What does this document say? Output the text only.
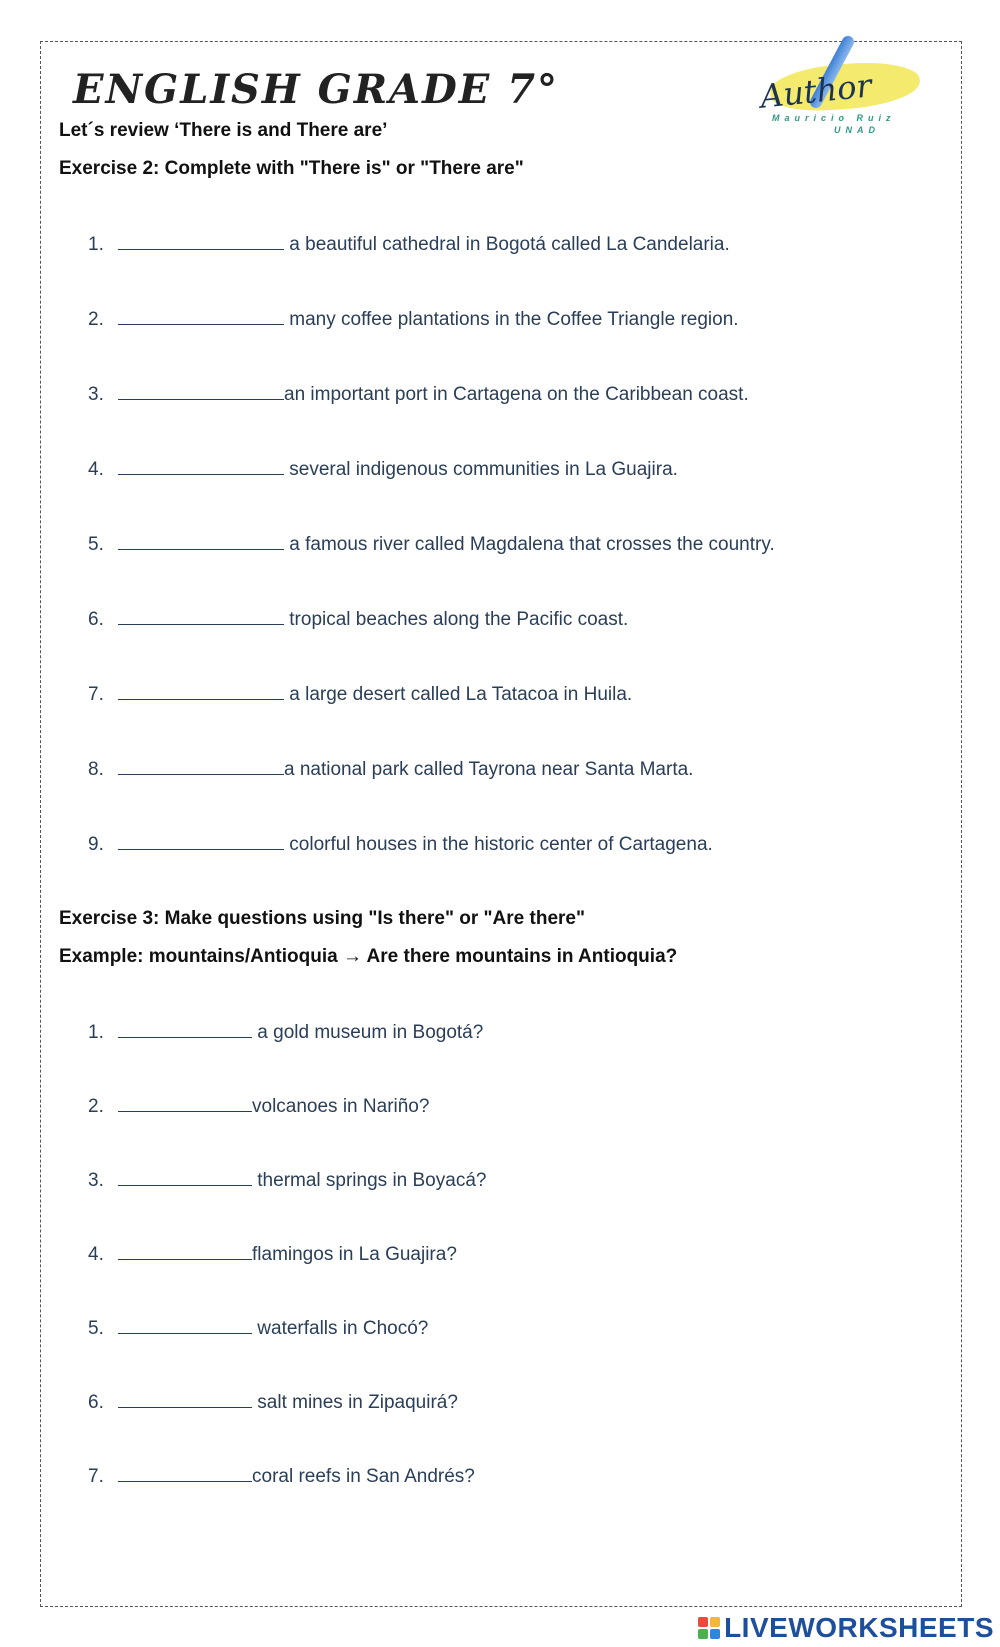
ENGLISH GRADE 7°	Author

Mauricio Ruiz
UNAD

Let´s review ‘There is and There are’

Exercise 2: Complete with "There is" or "There are"

1.	a beautiful cathedral in Bogotá called La Candelaria.
2.	many coffee plantations in the Coffee Triangle region.
3.	an important port in Cartagena on the Caribbean coast.
4.	several indigenous communities in La Guajira.
5.	a famous river called Magdalena that crosses the country.
6.	tropical beaches along the Pacific coast.
7.	a large desert called La Tatacoa in Huila.
8.	a national park called Tayrona near Santa Marta.
9.	colorful houses in the historic center of Cartagena.

Exercise 3: Make questions using "Is there" or "Are there"

Example: mountains/Antioquia → Are there mountains in Antioquia?

1.	a gold museum in Bogotá?
2.	volcanoes in Nariño?
3.	thermal springs in Boyacá?
4.	flamingos in La Guajira?
5.	waterfalls in Chocó?
6.	salt mines in Zipaquirá?
7.	coral reefs in San Andrés?
LIVEWORKSHEETS
